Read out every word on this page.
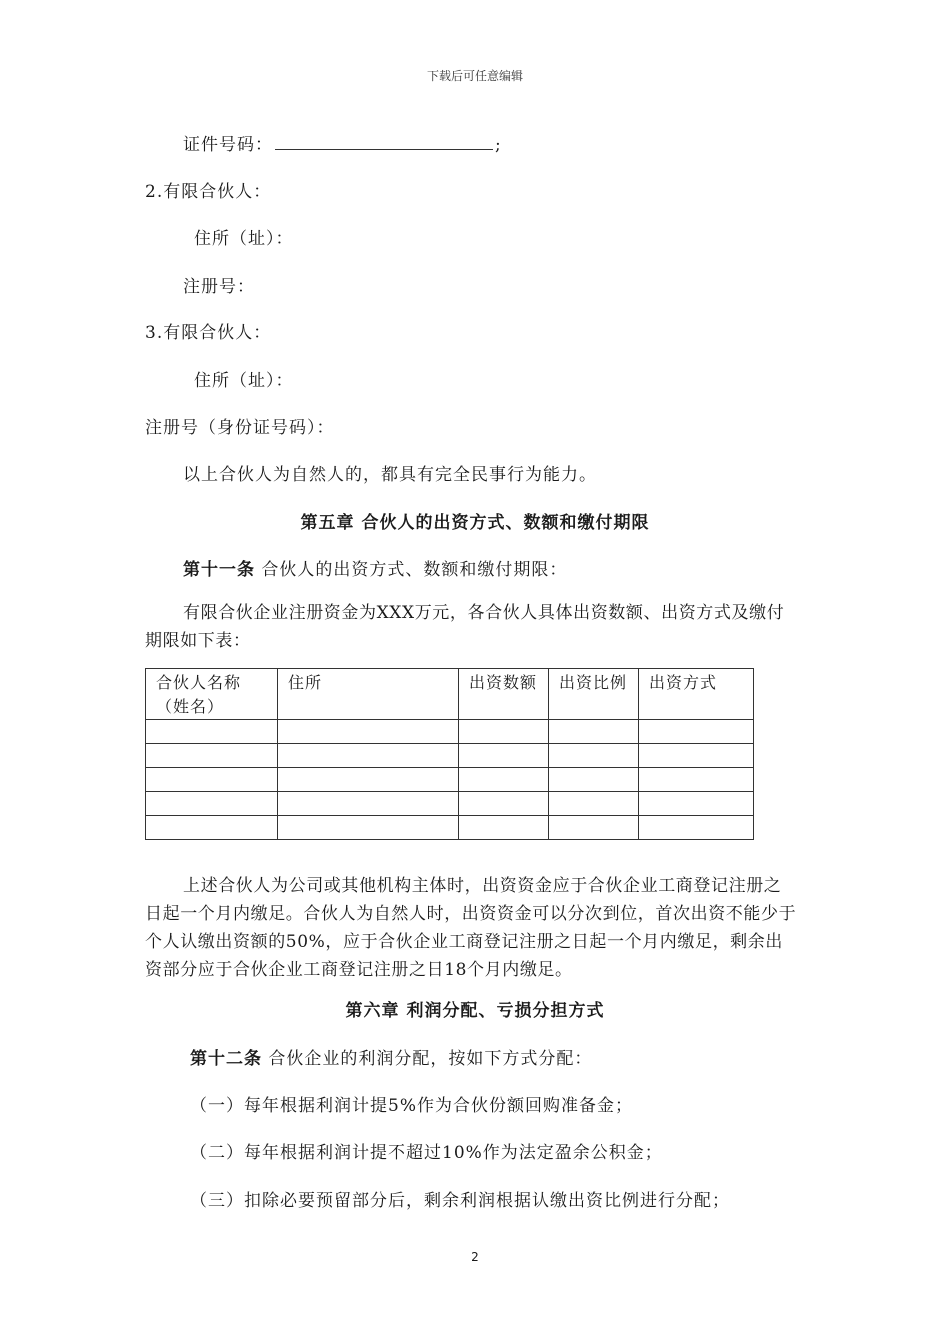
下载后可任意编辑
证件号码：	;
2.有限合伙人：
住所（址）：
注册号：
3.有限合伙人：
住所（址）：
注册号（身份证号码）：
以上合伙人为自然人的，都具有完全民事行为能力。
第五章 合伙人的出资方式、数额和缴付期限
第十一条 合伙人的出资方式、数额和缴付期限：
有限合伙企业注册资金为XXX万元，各合伙人具体出资数额、出资方式及缴付期限如下表：
合伙人名称（姓名）	住所	出资数额	出资比例	出资方式

上述合伙人为公司或其他机构主体时，出资资金应于合伙企业工商登记注册之日起一个月内缴足。合伙人为自然人时，出资资金可以分次到位，首次出资不能少于个人认缴出资额的50%，应于合伙企业工商登记注册之日起一个月内缴足，剩余出资部分应于合伙企业工商登记注册之日18个月内缴足。
第六章 利润分配、亏损分担方式
第十二条 合伙企业的利润分配，按如下方式分配：
（一）每年根据利润计提5%作为合伙份额回购准备金；
（二）每年根据利润计提不超过10%作为法定盈余公积金；
（三）扣除必要预留部分后，剩余利润根据认缴出资比例进行分配；
2
